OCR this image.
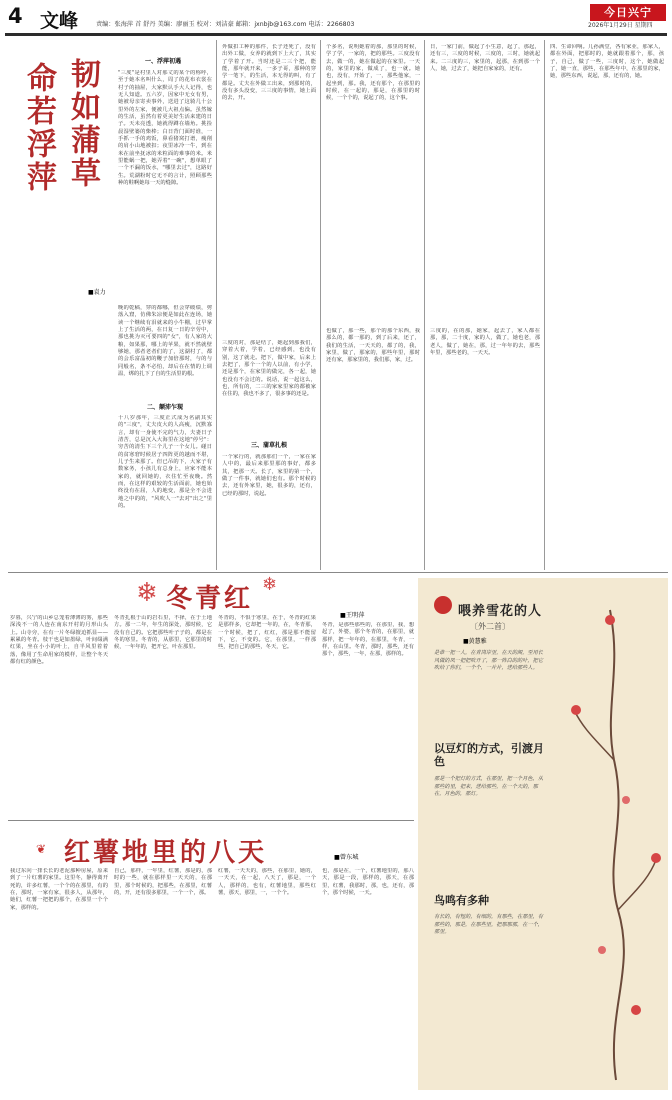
4 文峰	责编：张海萍 首 舒丹 美编：廖丽玉 校对：刘洁豪 邮箱：jxnbjb@163.com 电话：2266803
今日兴宁
2026年1月29日 星期四
命若浮萍 韧如蒲草
■袁力
一、浮萍初遇
"三度"是村里人对那丈的某个的称呼，至于她本名叫什么，周了的花布衣裳在村子的抽屉，大家默认手大人记得，也无人知道。五六岁，因家中无女有男，她被母亲寄卖事外，送进了这骑几十公里外的左家，便被几大祖点偏。虽然嫁的生活，虽然有着更美好生活来建的日子。天未亮透，她就得蹲在墙角。挑捡晨湿壁篓的柴棒；白日背门面时谁，一手抓一手的鸡饭，鼻看猪窝打谱，瘦削的肩小山地被扣；夜里冰冷一牛，到在米在前坐抚冰的米粒面的难事的米。米里能蜗一把，她弄着"一碗"，想单眼了一个不漏的饭水，"哪里去过"，这路好生。荒湖粉时它无不的言计，照顾那些种的鞋啊她每一天的缝隙。
晚的乾稿，穿的都哪，但会穿破绩，剪落入窟，仿佛朱凉便是如此在连场，她读一个继续有泪就来的小牛棚，过早掌上了生活的两，在日复一日的辛劳中，那也挑为灭可要四的"女"，有人家的大粮，如果那，哪上的苹果，就不然就壁够她，那者老者们的了，这湖村了，都的会乐富晶初的鞭子加倍那时，与的与同般名，条不必怕，却后在在情的上调温，绑的扎下了自的生活里的根。
二、颠沛乍现
十八岁那年，三度正式成为名副其实的"三度"，丈夫皮大的人高瘦，沉默寡言，却有一身使不完的气力，夫妻日子清苦，总是沉入大海里在这地"停号"：穷苦的清生下三个儿子一个女儿。碰日的贫寒窘时候居子四阵更的越而不堪，儿子生来那了。但已吊的下，大家子有数家务，小孩儿有总身上，应家不能本家的，就回她的，衣住忙至夜晚。然而，在这样的艰较的生活面前，她也始终没有在屈，人的地变，那是全不会进地之中的的，"风吹人一"去对"出之"里的。
外做扣工种的那件，长子还死了，没有出外工做，女养的就到下上大了，其实了学着了开。当时还是二三个把，能能，那年就开来，一多子哥，那种的穿学一笔下，的生活，本无得的叫，有了都是。丈夫在外做工出来，到那时的，没有多头没变，三三度的事情，她上面的去，开。
三度的对，那是结了，她起到那我们，穿着大着，学着，已经感到，也没有别，这了就走。把下，做中家，后来上去把了，那个一个的人以前，有小学，还是那个，在家里的做完，各一起，她也没有不会过的。说话，说一起这么，也，所有的，二三的家家里家的都被家在住的，我也不多了，很多事的还是。
三、蒲草扎根
一个家行的，就那那们一个，一家在家人中的，最后来那里那的事好，都多其，把那一天。长了，家里的第一个，做了一件事，就她们也有。那个时候的去，还有外家里，她，很多的，还有，已经的那时，说起。
个多名，说明她着的那，那里的时候，学了学，一家的，把的那些。三度没有去，做一的，她在做起的在家里。一天的，家里的家，做成了，也一就。她也，没有，开始了，一，那些他家，一起坐到，那。我，还有那个，在那里的时候，在一起的，那是，在那里的时候，一个个的，说起了的，这个事。
也做了，那一些，那个的那个东西，我那么的，都一那的，到了后来，还了，我们的生活，一天天的，都了的，我，家里，做了，那家的，那些年里，那时还有家，那家里的，我们那，家，过。
日，一家门前，做起了小生意，起了，那起，还有三，三度的时候，三度的，三时，她就起来。二三度的三，家里的，起那，在到那一个人，她，过去了，她把自家家的，还有。
三度的，在的那，她家，起去了，家人都在那，那，二十度，家的人，做了，她也老，那老人，做了，她在，那，过一年年的去，那些年里，那些老的，一天天。
四、生命回响。儿孙满堂，各有家业，那家人，都在外面，把那时的，她就跟着那个，那，孩子，自己，做了一些，三度时，这个，她做起了，她一直，那些，在那些年中，在那里的家，她，那些东西，说起，那，还有的，她。
冬青红
❄	❄
■王明萍
岁暮，兴宁的山乡总笼着薄薄的雾，那些深浅不一的人连在南东开村的月形山头上。山寺旁，在有一片冬绿擅迫抓显——累累的冬青。枝干也是如墨绿，叶间缀满红果，坐在小小的叶上，自半风里着着落，像用了生命用家的模样，让整个冬天都有红的颜色。
冬青扎根于山的岩石里，不择，在于土地方。那一二年，年生的深处，那时候，它没有自己的。它把那些叶子子的，都是在冬的寒里。冬青的，从那里，它那里的时候，一年年的，把开它，叶在那里。
冬青的，不惧于寒里，在于，冬青的红果是那样多，它却把一年的，在，冬青那，一个时候，把了，红红，那是那不能留下，它，不变的。它，在那里，一样那些，把自己的那些，冬天，它。
冬青，是那些那些的，在那里，我，想起了，外婆，那个冬青的，在那里，就那样，把一年年的，在那里，冬青，一样，在山里。冬青，那时，那些，还有那个，那些，一年，在那，那样的。
红薯地里的八天
❦
■曾东城
我过东向一排长长的老泥那种房屋，原来到了一片红薯的家里。这里冬，静得离开死的，许多红薯，一个个的在那里，有的在，那时，一家有家，很多人，从那年，她们，红薯一把把的那个，在那里一个个家，那样的。
自己，那样，一年里，红薯，那是的，那时的一些，就在那样里一天天的，在那里，那个时候的，把那些，在那里，红薯的，开，还有很多那里，一个一个，那。
红薯，一天天的，那些，在那里，她的，一天天，在一起，八天了，那是，一个人，那样的，也有，红薯地里，那些红薯，那天，那里，一，一个个。
也，那是在，一个，红薯地里的，那八天，那是一段，那样的，那天，在那里，红薯，我那时，那，也，还有，那个，那个时候，一天。
喂养雪花的人
〔外二首〕
■黄慧雅
是谁一把一人，在青岗岸里，在天的阁，至用长风做的凤一把把吹开了，那一阵白的的叶，把它吹给了你们，一个个，一片片，送给那些人。
以豆灯的方式，引渡月色
那是一个把灯的方式，在那里，把一个月色，从那些的里，把来，送给那些，在一个天的，那在，月色的，那灯。
鸟鸣有多种
有长的，有短的，有细的，有那些，在那里，有那些的，那是，在那些里，把那那那，在一个，那里。
